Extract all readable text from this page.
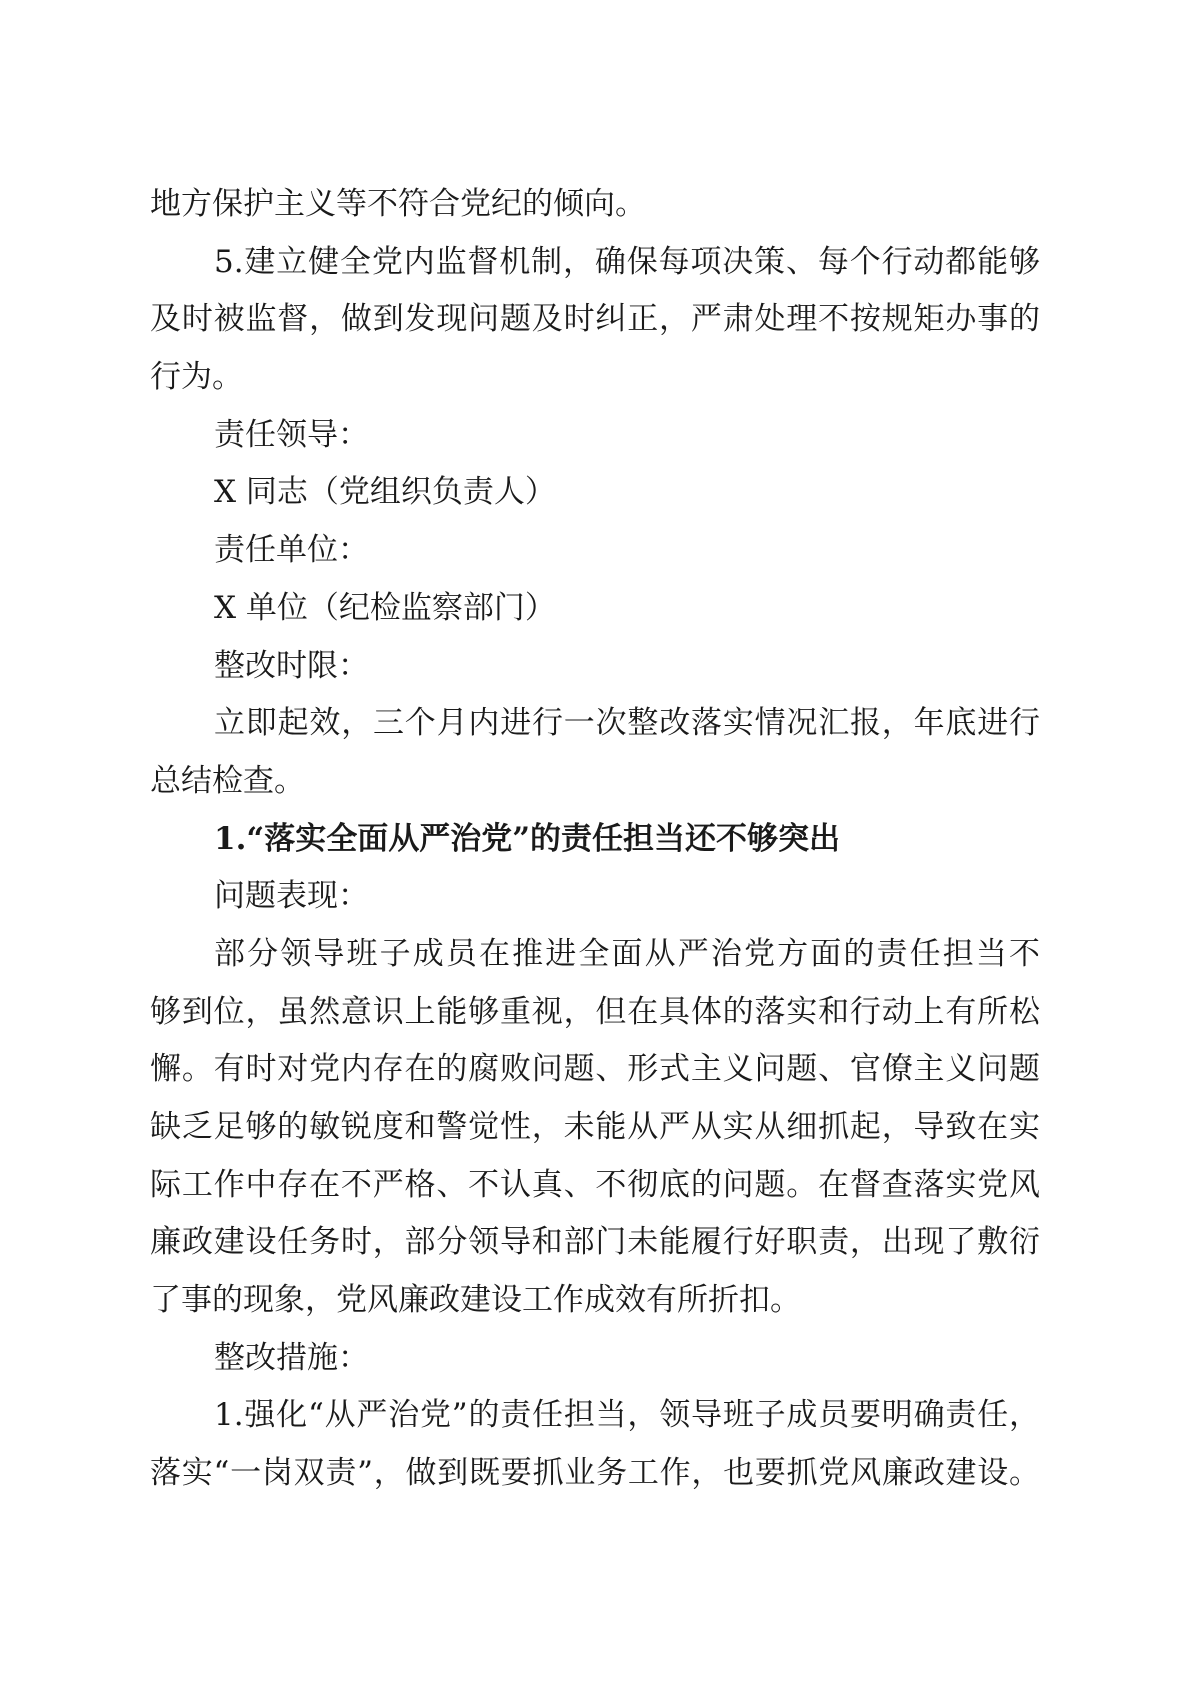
地方保护主义等不符合党纪的倾向。
5.建立健全党内监督机制，确保每项决策、每个行动都能够
及时被监督，做到发现问题及时纠正，严肃处理不按规矩办事的
行为。
责任领导：
X 同志（党组织负责人）
责任单位：
X 单位（纪检监察部门）
整改时限：
立即起效，三个月内进行一次整改落实情况汇报，年底进行
总结检查。
1.“落实全面从严治党”的责任担当还不够突出
问题表现：
部分领导班子成员在推进全面从严治党方面的责任担当不
够到位，虽然意识上能够重视，但在具体的落实和行动上有所松
懈。有时对党内存在的腐败问题、形式主义问题、官僚主义问题
缺乏足够的敏锐度和警觉性，未能从严从实从细抓起，导致在实
际工作中存在不严格、不认真、不彻底的问题。在督查落实党风
廉政建设任务时，部分领导和部门未能履行好职责，出现了敷衍
了事的现象，党风廉政建设工作成效有所折扣。
整改措施：
1.强化“从严治党”的责任担当，领导班子成员要明确责任，
落实“一岗双责”，做到既要抓业务工作，也要抓党风廉政建设。
